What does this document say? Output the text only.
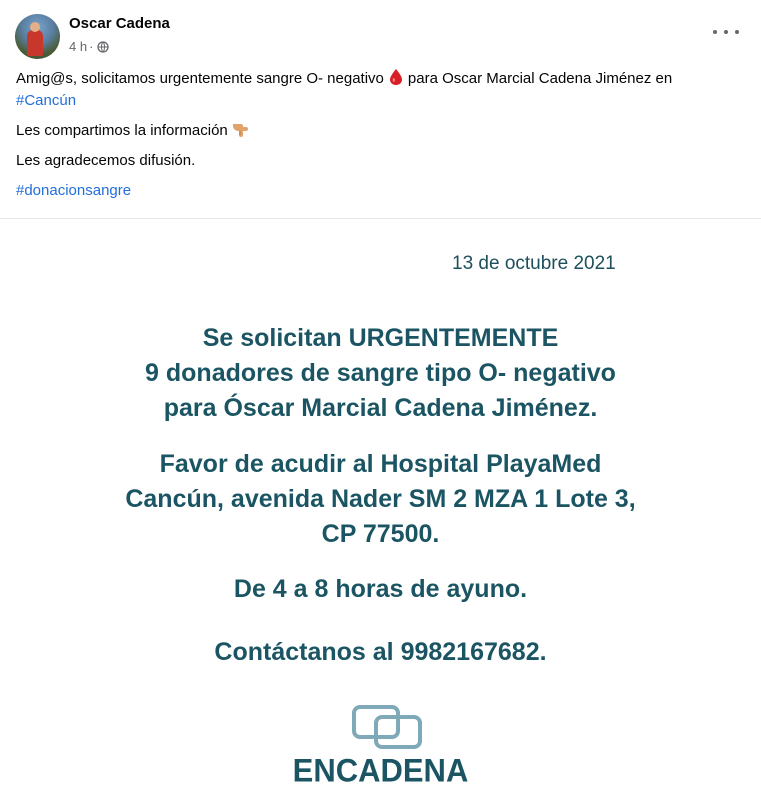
Oscar Cadena
4 h ·

Amig@s, solicitamos urgentemente sangre O- negativo para Oscar Marcial Cadena Jiménez en
#Cancún

Les compartimos la información

Les agradecemos difusión.

#donacionsangre

13 de octubre 2021
Se solicitan URGENTEMENTE
9 donadores de sangre tipo O- negativo
para Óscar Marcial Cadena Jiménez.
Favor de acudir al Hospital PlayaMed
Cancún, avenida Nader SM 2 MZA 1 Lote 3,
CP 77500.
De 4 a 8 horas de ayuno.
Contáctanos al 9982167682.
ENCADENA
